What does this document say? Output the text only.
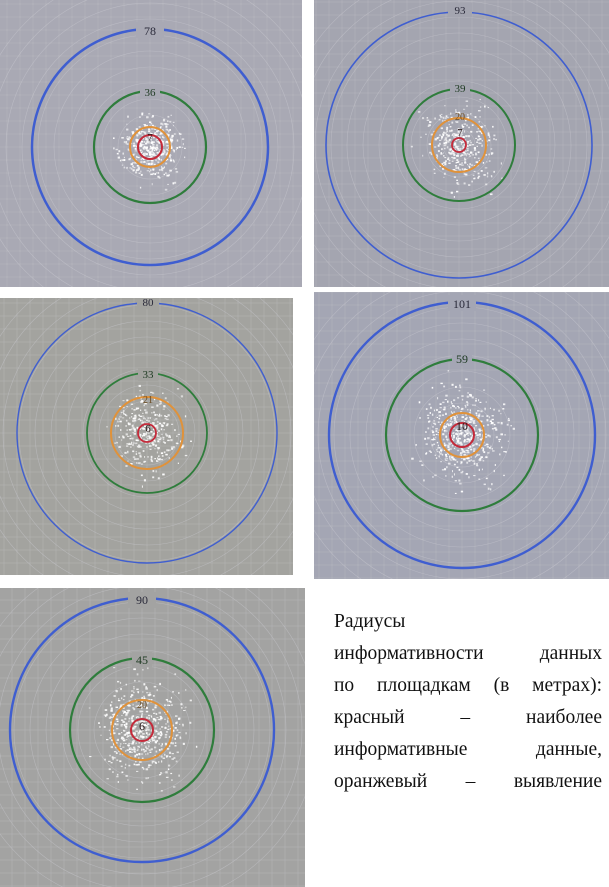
78
36
7
93
39
20
7
80
33
21
6
101
59
10
90
45
20
6
Радиусы
информативности данных
по площадкам (в метрах):
красный – наиболее
информативные данные,
оранжевый – выявление
